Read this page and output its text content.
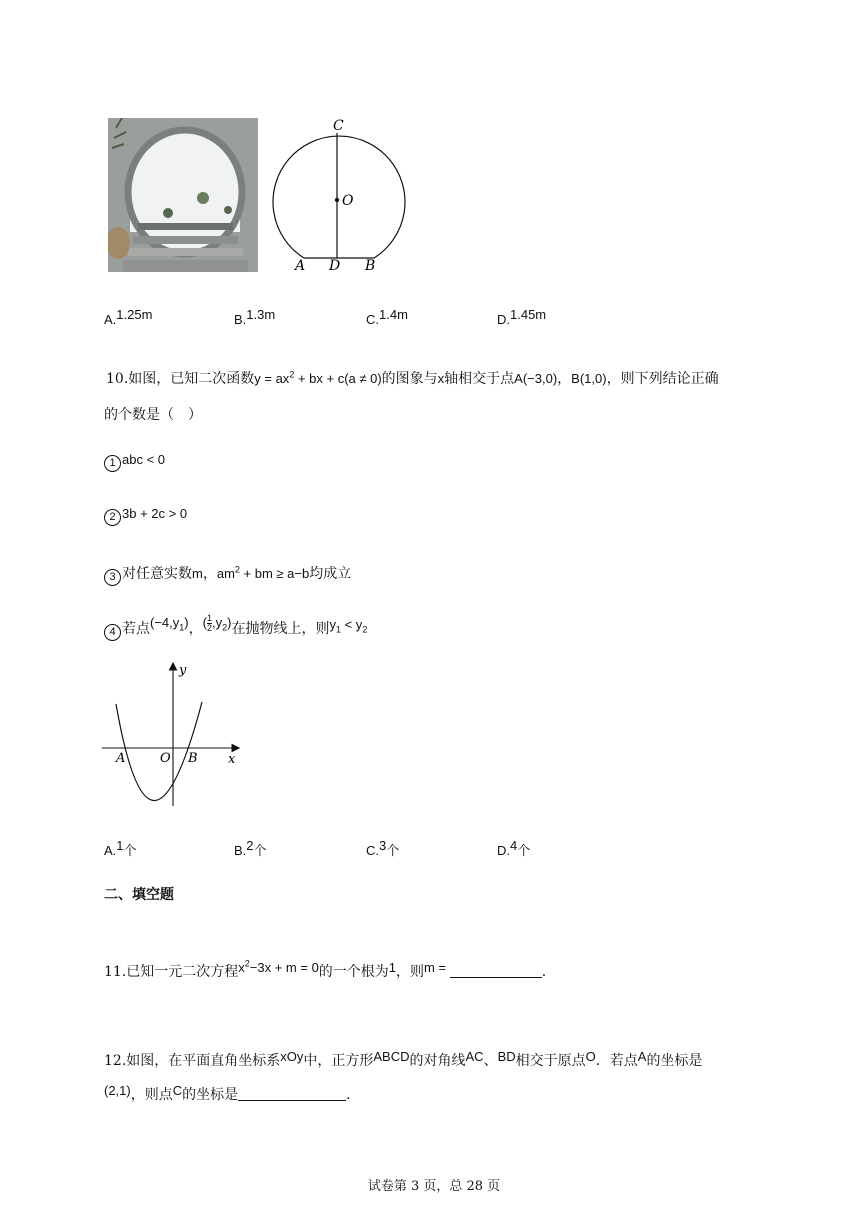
C
O
A D B
A.1.25m	B.1.3m	C.1.4m	D.1.45m
10.如图，已知二次函数$y = ax^2$ + bx + c(a ≠ 0)的图象与x轴相交于点A(−3,0)，B(1,0)，则下列结论正确
的个数是（　）
1 abc < 0
2 3b + 2c > 0
3 对任意实数m，$am^2$ + bm ≥ a−b均成立
4 若点$(-4,y_1)$，( $\frac{1}{2} ,y_2$)在抛物线上，则$y_1 < y_2$
y
x
A	O B
A.1个	B.2个	C.3个	D.4个
二、填空题
11.已知一元二次方程$x^2-3x + m = 0$的一个根为1，则m =	.
12.如图，在平面直角坐标系xOy中，正方形ABCD的对角线AC、BD相交于原点O．若点A的坐标是
(2,1)，则点C的坐标是	.
试卷第 3 页，总 28 页
